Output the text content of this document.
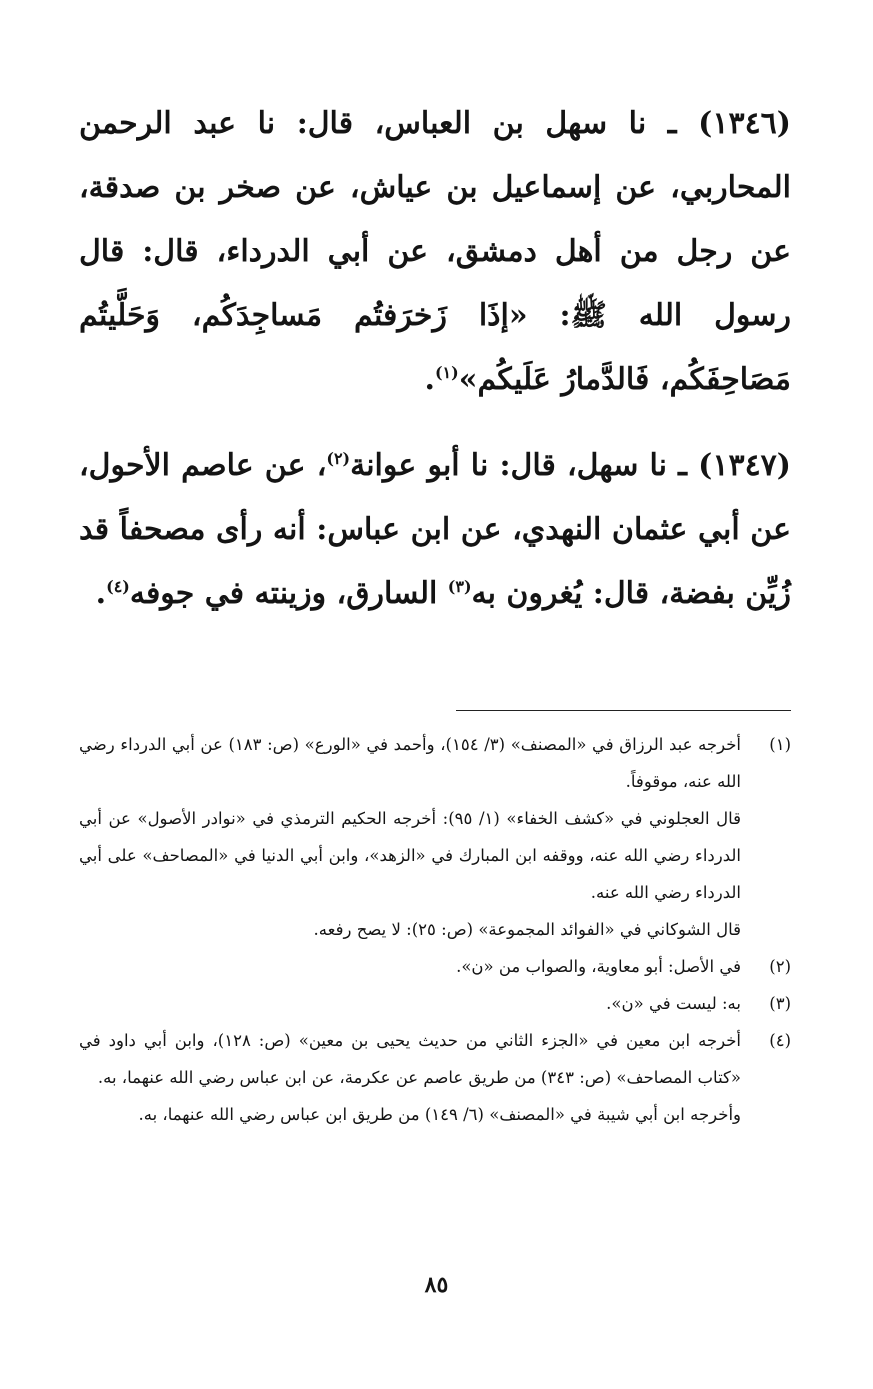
(١٣٤٦) ـ نا سهل بن العباس، قال: نا عبد الرحمن المحاربي، عن إسماعيل بن عياش، عن صخر بن صدقة، عن رجل من أهل دمشق، عن أبي الدرداء، قال: قال رسول الله ﷺ: «إذَا زَخرَفتُم مَساجِدَكُم، وَحَلَّيتُم مَصَاحِفَكُم، فَالدَّمارُ عَلَيكُم»$^{(١)}$.

(١٣٤٧) ـ نا سهل، قال: نا أبو عوانة$^{(٢)}$، عن عاصم الأحول، عن أبي عثمان النهدي، عن ابن عباس: أنه رأى مصحفاً قد زُيِّن بفضة، قال: يُغرون به$^{(٣)}$ السارق، وزينته في جوفه$^{(٤)}$.

(١)

أخرجه عبد الرزاق في «المصنف» (٣/ ١٥٤)، وأحمد في «الورع» (ص: ١٨٣) عن أبي الدرداء رضي الله عنه، موقوفاً.

قال العجلوني في «كشف الخفاء» (١/ ٩٥): أخرجه الحكيم الترمذي في «نوادر الأصول» عن أبي الدرداء رضي الله عنه، ووقفه ابن المبارك في «الزهد»، وابن أبي الدنيا في «المصاحف» على أبي الدرداء رضي الله عنه.

قال الشوكاني في «الفوائد المجموعة» (ص: ٢٥): لا يصح رفعه.

(٢)

في الأصل: أبو معاوية، والصواب من «ن».

(٣)

به: ليست في «ن».

(٤)

أخرجه ابن معين في «الجزء الثاني من حديث يحيى بن معين» (ص: ١٢٨)، وابن أبي داود في «كتاب المصاحف» (ص: ٣٤٣) من طريق عاصم عن عكرمة، عن ابن عباس رضي الله عنهما، به.

وأخرجه ابن أبي شيبة في «المصنف» (٦/ ١٤٩) من طريق ابن عباس رضي الله عنهما، به.

٨٥
